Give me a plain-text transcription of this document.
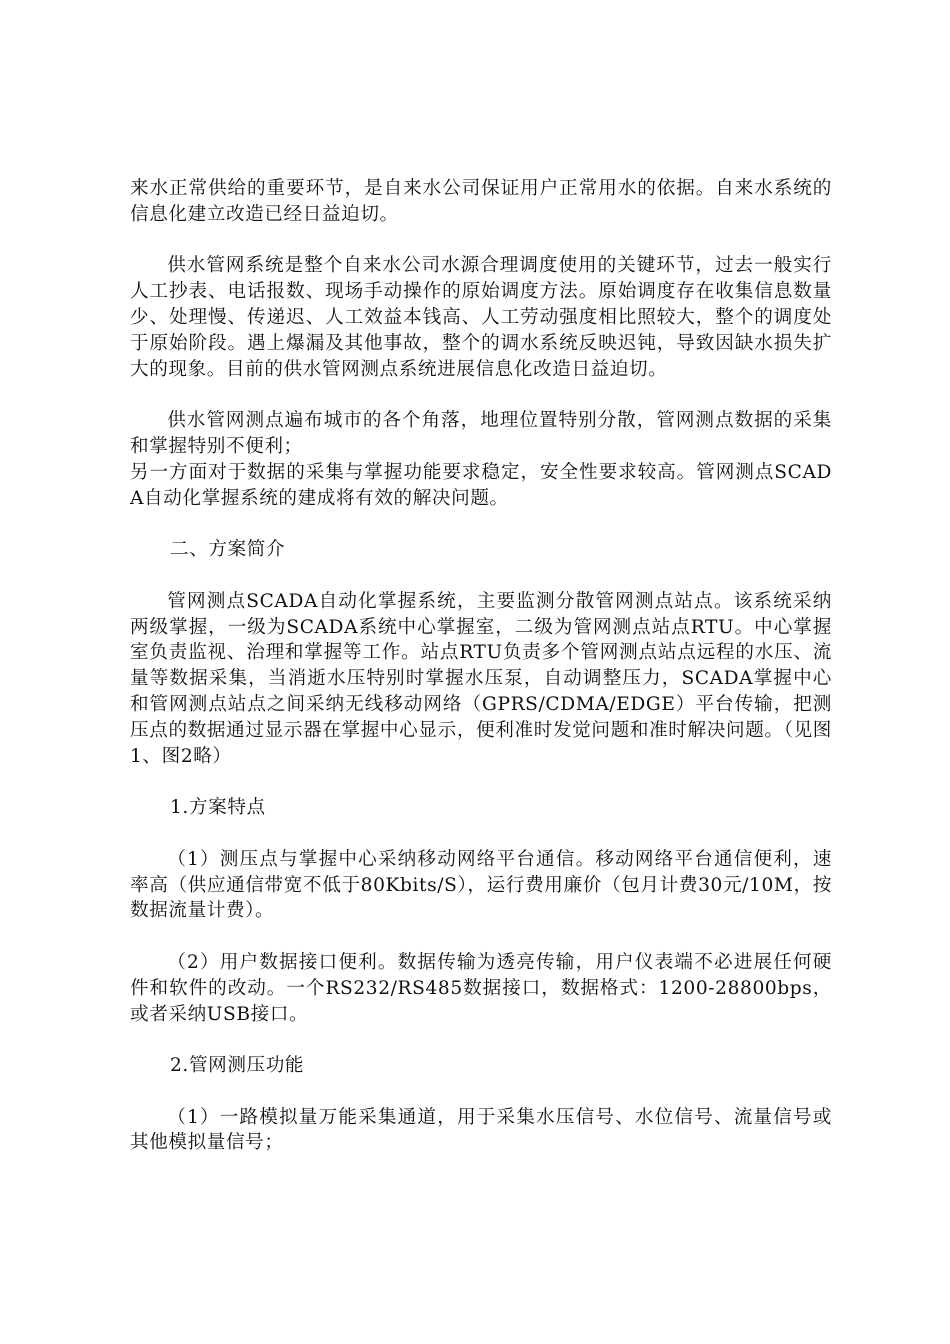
来水正常供给的重要环节，是自来水公司保证用户正常用水的依据。自来水系统的信息化建立改造已经日益迫切。

供水管网系统是整个自来水公司水源合理调度使用的关键环节，过去一般实行人工抄表、电话报数、现场手动操作的原始调度方法。原始调度存在收集信息数量少、处理慢、传递迟、人工效益本钱高、人工劳动强度相比照较大，整个的调度处于原始阶段。遇上爆漏及其他事故，整个的调水系统反映迟钝，导致因缺水损失扩大的现象。目前的供水管网测点系统进展信息化改造日益迫切。

供水管网测点遍布城市的各个角落，地理位置特别分散，管网测点数据的采集和掌握特别不便利；
另一方面对于数据的采集与掌握功能要求稳定，安全性要求较高。管网测点SCADA自动化掌握系统的建成将有效的解决问题。

二、方案简介

管网测点SCADA自动化掌握系统，主要监测分散管网测点站点。该系统采纳两级掌握，一级为SCADA系统中心掌握室，二级为管网测点站点RTU。中心掌握室负责监视、治理和掌握等工作。站点RTU负责多个管网测点站点远程的水压、流量等数据采集，当消逝水压特别时掌握水压泵，自动调整压力，SCADA掌握中心和管网测点站点之间采纳无线移动网络（GPRS/CDMA/EDGE）平台传输，把测压点的数据通过显示器在掌握中心显示，便利准时发觉问题和准时解决问题。（见图1、图2略）

1.方案特点

（1）测压点与掌握中心采纳移动网络平台通信。移动网络平台通信便利，速率高（供应通信带宽不低于80Kbits/S），运行费用廉价（包月计费30元/10M，按数据流量计费）。

（2）用户数据接口便利。数据传输为透亮传输，用户仪表端不必进展任何硬件和软件的改动。一个RS232/RS485数据接口，数据格式：1200-28800bps，或者采纳USB接口。

2.管网测压功能

（1）一路模拟量万能采集通道，用于采集水压信号、水位信号、流量信号或其他模拟量信号；
